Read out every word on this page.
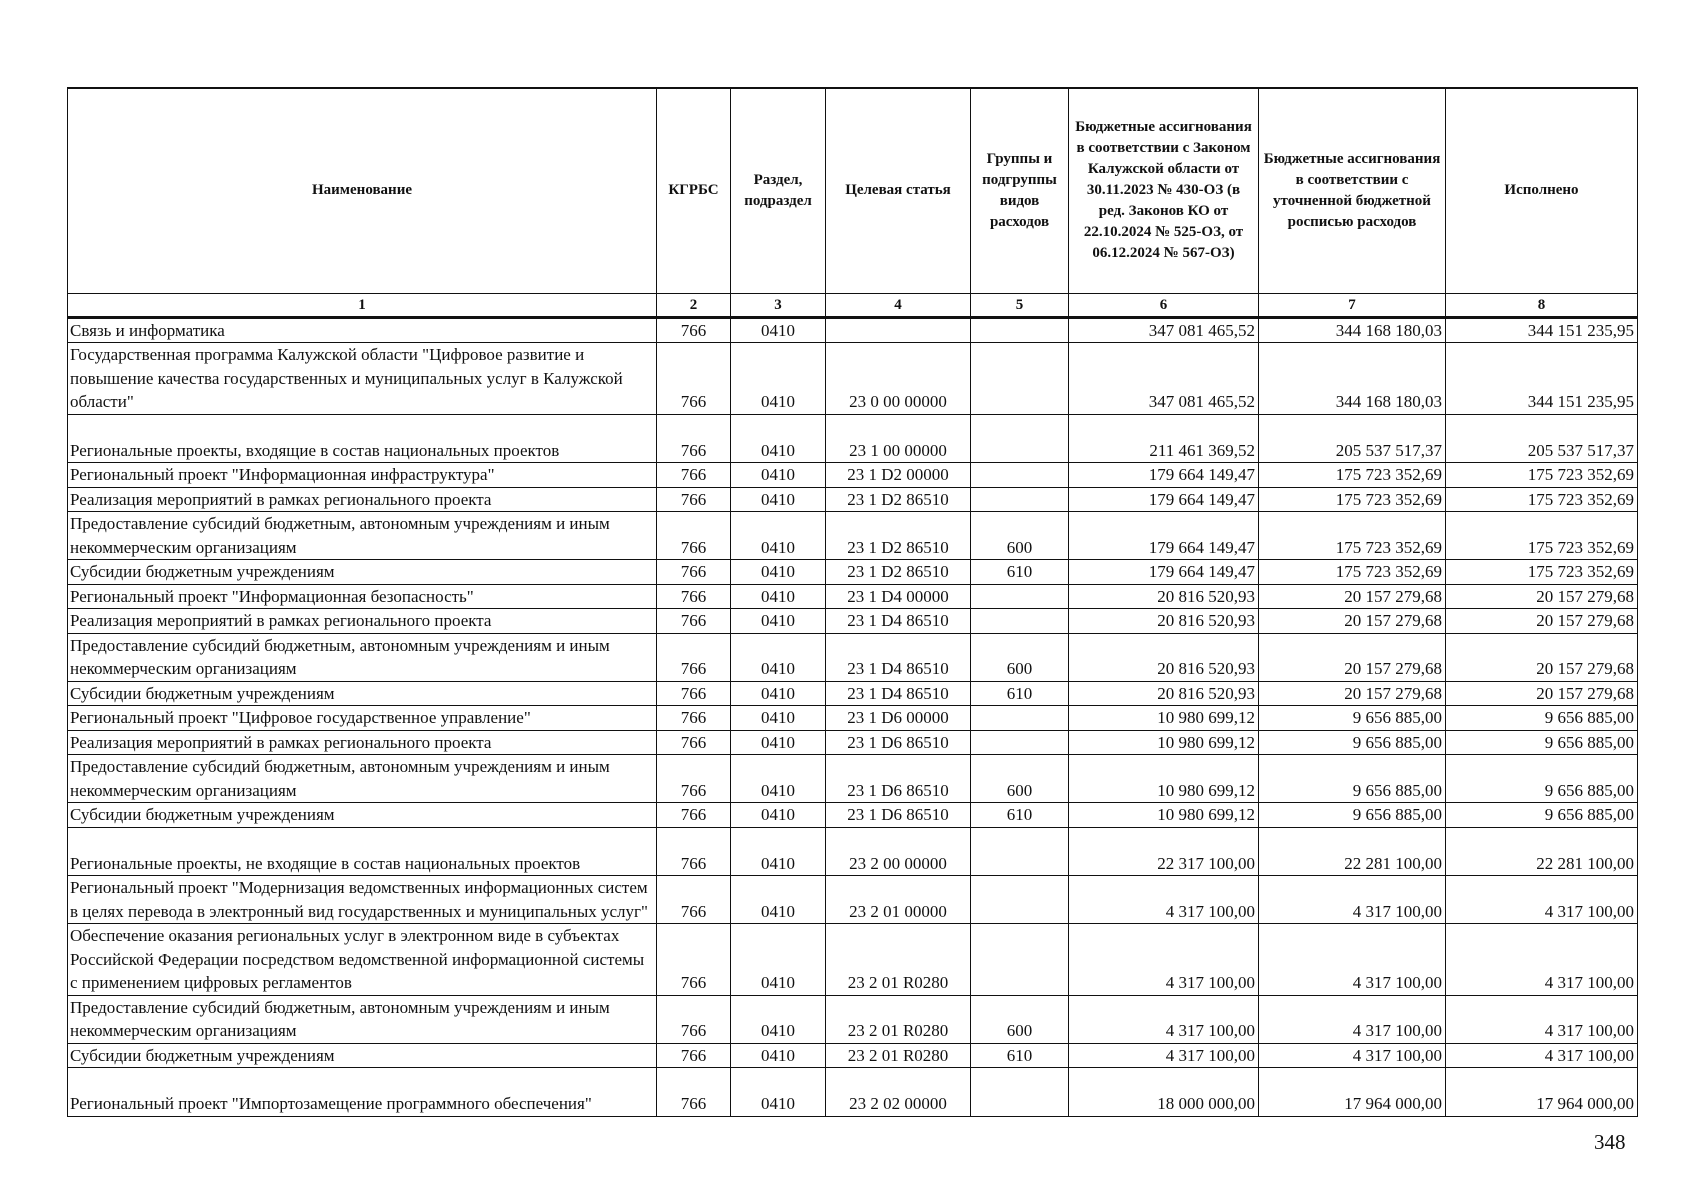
Наименование	КГРБС	Раздел, подраздел	Целевая статья	Группы и подгруппы видов расходов	Бюджетные ассигнования в соответствии с Законом Калужской области от 30.11.2023 № 430-ОЗ (в ред. Законов КО от 22.10.2024 № 525-ОЗ, от 06.12.2024 № 567-ОЗ)	Бюджетные ассигнования в соответствии с уточненной бюджетной росписью расходов	Исполнено
1	2	3	4	5	6	7	8
Связь и информатика	766	0410			347 081 465,52	344 168 180,03	344 151 235,95
Государственная программа Калужской области "Цифровое развитие и повышение качества государственных и муниципальных услуг в Калужской области"	766	0410	23 0 00 00000		347 081 465,52	344 168 180,03	344 151 235,95
Региональные проекты, входящие в состав национальных проектов	766	0410	23 1 00 00000		211 461 369,52	205 537 517,37	205 537 517,37
Региональный проект "Информационная инфраструктура"	766	0410	23 1 D2 00000		179 664 149,47	175 723 352,69	175 723 352,69
Реализация мероприятий в рамках регионального проекта	766	0410	23 1 D2 86510		179 664 149,47	175 723 352,69	175 723 352,69
Предоставление субсидий бюджетным, автономным учреждениям и иным некоммерческим организациям	766	0410	23 1 D2 86510	600	179 664 149,47	175 723 352,69	175 723 352,69
Субсидии бюджетным учреждениям	766	0410	23 1 D2 86510	610	179 664 149,47	175 723 352,69	175 723 352,69
Региональный проект "Информационная безопасность"	766	0410	23 1 D4 00000		20 816 520,93	20 157 279,68	20 157 279,68
Реализация мероприятий в рамках регионального проекта	766	0410	23 1 D4 86510		20 816 520,93	20 157 279,68	20 157 279,68
Предоставление субсидий бюджетным, автономным учреждениям и иным некоммерческим организациям	766	0410	23 1 D4 86510	600	20 816 520,93	20 157 279,68	20 157 279,68
Субсидии бюджетным учреждениям	766	0410	23 1 D4 86510	610	20 816 520,93	20 157 279,68	20 157 279,68
Региональный проект "Цифровое государственное управление"	766	0410	23 1 D6 00000		10 980 699,12	9 656 885,00	9 656 885,00
Реализация мероприятий в рамках регионального проекта	766	0410	23 1 D6 86510		10 980 699,12	9 656 885,00	9 656 885,00
Предоставление субсидий бюджетным, автономным учреждениям и иным некоммерческим организациям	766	0410	23 1 D6 86510	600	10 980 699,12	9 656 885,00	9 656 885,00
Субсидии бюджетным учреждениям	766	0410	23 1 D6 86510	610	10 980 699,12	9 656 885,00	9 656 885,00
Региональные проекты, не входящие в состав национальных проектов	766	0410	23 2 00 00000		22 317 100,00	22 281 100,00	22 281 100,00
Региональный проект "Модернизация ведомственных информационных систем в целях перевода в электронный вид государственных и муниципальных услуг"	766	0410	23 2 01 00000		4 317 100,00	4 317 100,00	4 317 100,00
Обеспечение оказания региональных услуг в электронном виде в субъектах Российской Федерации посредством ведомственной информационной системы с применением цифровых регламентов	766	0410	23 2 01 R0280		4 317 100,00	4 317 100,00	4 317 100,00
Предоставление субсидий бюджетным, автономным учреждениям и иным некоммерческим организациям	766	0410	23 2 01 R0280	600	4 317 100,00	4 317 100,00	4 317 100,00
Субсидии бюджетным учреждениям	766	0410	23 2 01 R0280	610	4 317 100,00	4 317 100,00	4 317 100,00
Региональный проект "Импортозамещение программного обеспечения"	766	0410	23 2 02 00000		18 000 000,00	17 964 000,00	17 964 000,00
348
